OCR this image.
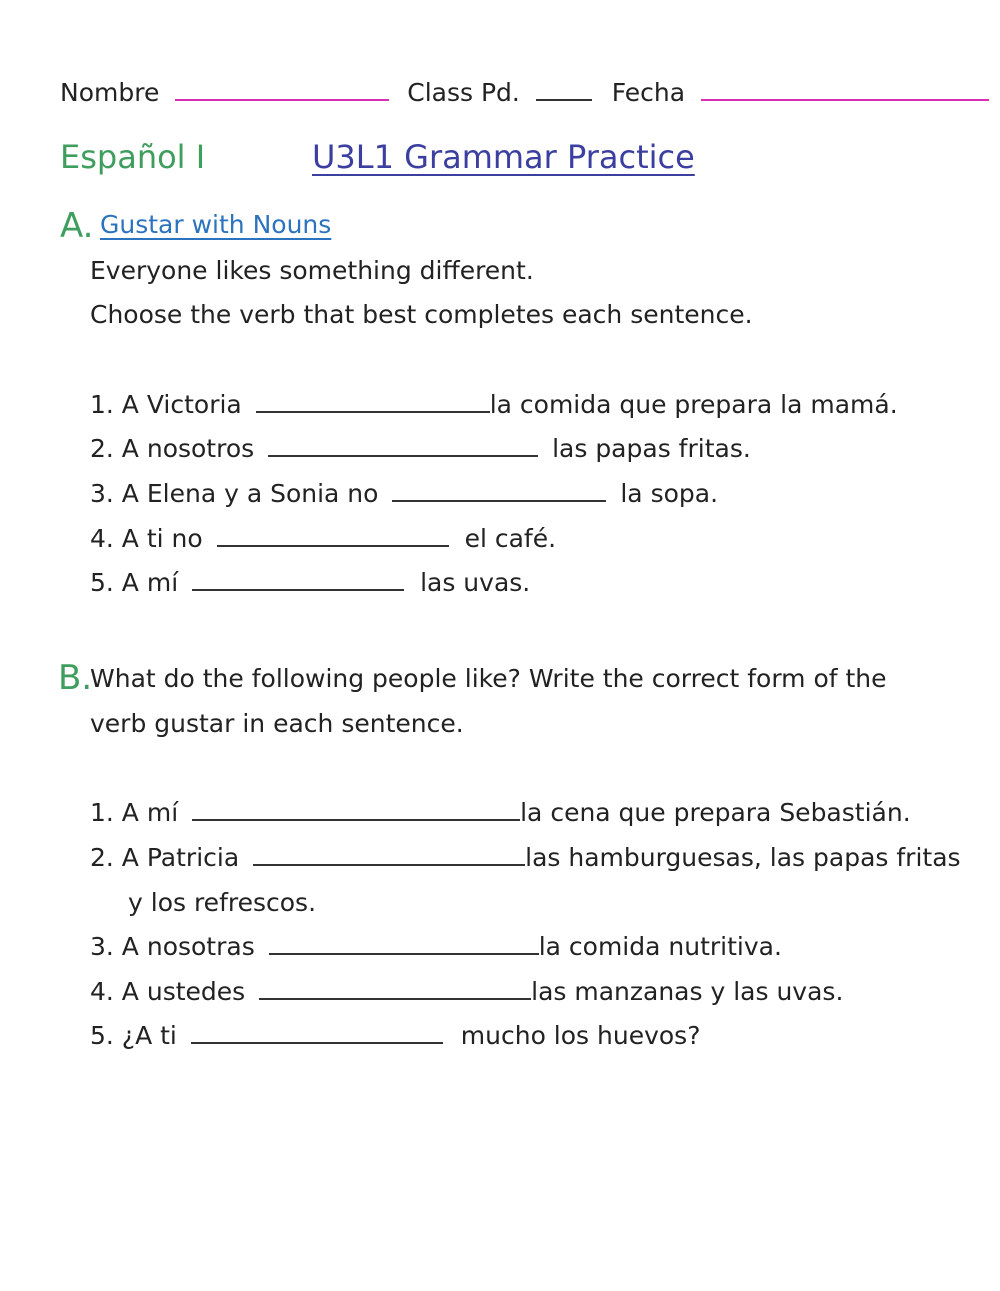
Nombre	Class Pd.	Fecha
Español I	U3L1 Grammar Practice
A. Gustar with Nouns
Everyone likes something different.
Choose the verb that best completes each sentence.
1. A Victoria	la comida que prepara la mamá.
2. A nosotros	las papas fritas.
3. A Elena y a Sonia no	la sopa.
4. A ti no	el café.
5. A mí	las uvas.
B.
What do the following people like? Write the correct form of the
verb gustar in each sentence.
1. A mí	la cena que prepara Sebastián.
2. A Patricia	las hamburguesas, las papas fritas
y los refrescos.
3. A nosotras	la comida nutritiva.
4. A ustedes	las manzanas y las uvas.
5. ¿A ti	mucho los huevos?
